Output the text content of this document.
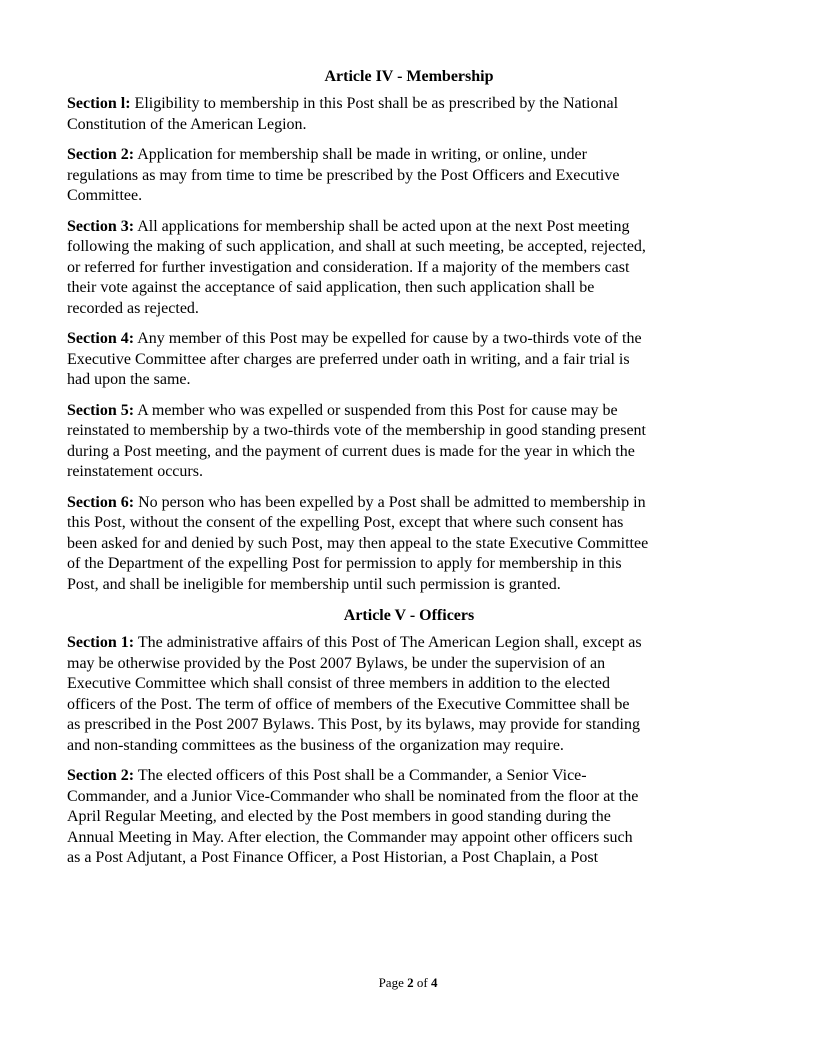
Article IV - Membership

Section l: Eligibility to membership in this Post shall be as prescribed by the National
Constitution of the American Legion.

Section 2: Application for membership shall be made in writing, or online, under
regulations as may from time to time be prescribed by the Post Officers and Executive
Committee.

Section 3: All applications for membership shall be acted upon at the next Post meeting
following the making of such application, and shall at such meeting, be accepted, rejected,
or referred for further investigation and consideration. If a majority of the members cast
their vote against the acceptance of said application, then such application shall be
recorded as rejected.

Section 4: Any member of this Post may be expelled for cause by a two-thirds vote of the
Executive Committee after charges are preferred under oath in writing, and a fair trial is
had upon the same.

Section 5: A member who was expelled or suspended from this Post for cause may be
reinstated to membership by a two-thirds vote of the membership in good standing present
during a Post meeting, and the payment of current dues is made for the year in which the
reinstatement occurs.

Section 6: No person who has been expelled by a Post shall be admitted to membership in
this Post, without the consent of the expelling Post, except that where such consent has
been asked for and denied by such Post, may then appeal to the state Executive Committee
of the Department of the expelling Post for permission to apply for membership in this
Post, and shall be ineligible for membership until such permission is granted.

Article V - Officers

Section 1: The administrative affairs of this Post of The American Legion shall, except as
may be otherwise provided by the Post 2007 Bylaws, be under the supervision of an
Executive Committee which shall consist of three members in addition to the elected
officers of the Post. The term of office of members of the Executive Committee shall be
as prescribed in the Post 2007 Bylaws. This Post, by its bylaws, may provide for standing
and non-standing committees as the business of the organization may require.

Section 2: The elected officers of this Post shall be a Commander, a Senior Vice-
Commander, and a Junior Vice-Commander who shall be nominated from the floor at the
April Regular Meeting, and elected by the Post members in good standing during the
Annual Meeting in May. After election, the Commander may appoint other officers such
as a Post Adjutant, a Post Finance Officer, a Post Historian, a Post Chaplain, a Post

Page 2 of 4
